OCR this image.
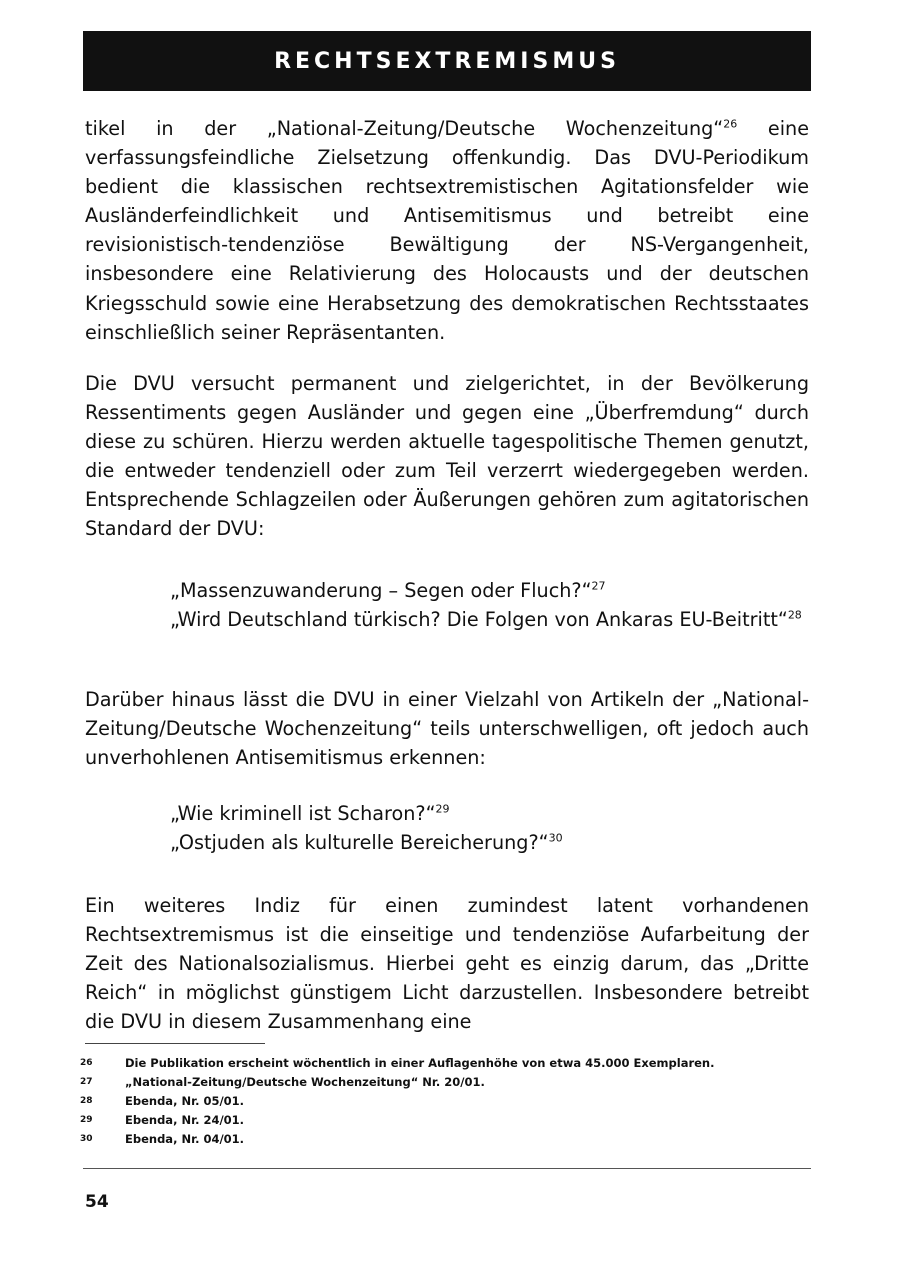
RECHTSEXTREMISMUS

tikel in der „National-Zeitung/Deutsche Wochenzeitung“$^{26}$ eine verfassungsfeindliche Zielsetzung offenkundig. Das DVU-Periodikum bedient die klassischen rechtsextremistischen Agitationsfelder wie Ausländerfeindlichkeit und Antisemitismus und betreibt eine revisionistisch-tendenziöse Bewältigung der NS-Vergangenheit, insbesondere eine Relativierung des Holocausts und der deutschen Kriegsschuld sowie eine Herabsetzung des demokratischen Rechtsstaates einschließlich seiner Repräsentanten.

Die DVU versucht permanent und zielgerichtet, in der Bevölkerung Ressentiments gegen Ausländer und gegen eine „Überfremdung“ durch diese zu schüren. Hierzu werden aktuelle tagespolitische Themen genutzt, die entweder tendenziell oder zum Teil verzerrt wiedergegeben werden. Entsprechende Schlagzeilen oder Äußerungen gehören zum agitatorischen Standard der DVU:

„Massenzuwanderung – Segen oder Fluch?“$^{27}$
„Wird Deutschland türkisch? Die Folgen von Ankaras EU-Beitritt“$^{28}$

Darüber hinaus lässt die DVU in einer Vielzahl von Artikeln der „National-Zeitung/Deutsche Wochenzeitung“ teils unterschwelligen, oft jedoch auch unverhohlenen Antisemitismus erkennen:

„Wie kriminell ist Scharon?“$^{29}$
„Ostjuden als kulturelle Bereicherung?“$^{30}$

Ein weiteres Indiz für einen zumindest latent vorhandenen Rechtsextremismus ist die einseitige und tendenziöse Aufarbeitung der Zeit des Nationalsozialismus. Hierbei geht es einzig darum, das „Dritte Reich“ in möglichst günstigem Licht darzustellen. Insbesondere betreibt die DVU in diesem Zusammenhang eine

26	Die Publikation erscheint wöchentlich in einer Auflagenhöhe von etwa 45.000 Exemplaren.
27	„National-Zeitung/Deutsche Wochenzeitung“ Nr. 20/01.
28	Ebenda, Nr. 05/01.
29	Ebenda, Nr. 24/01.
30	Ebenda, Nr. 04/01.
54
